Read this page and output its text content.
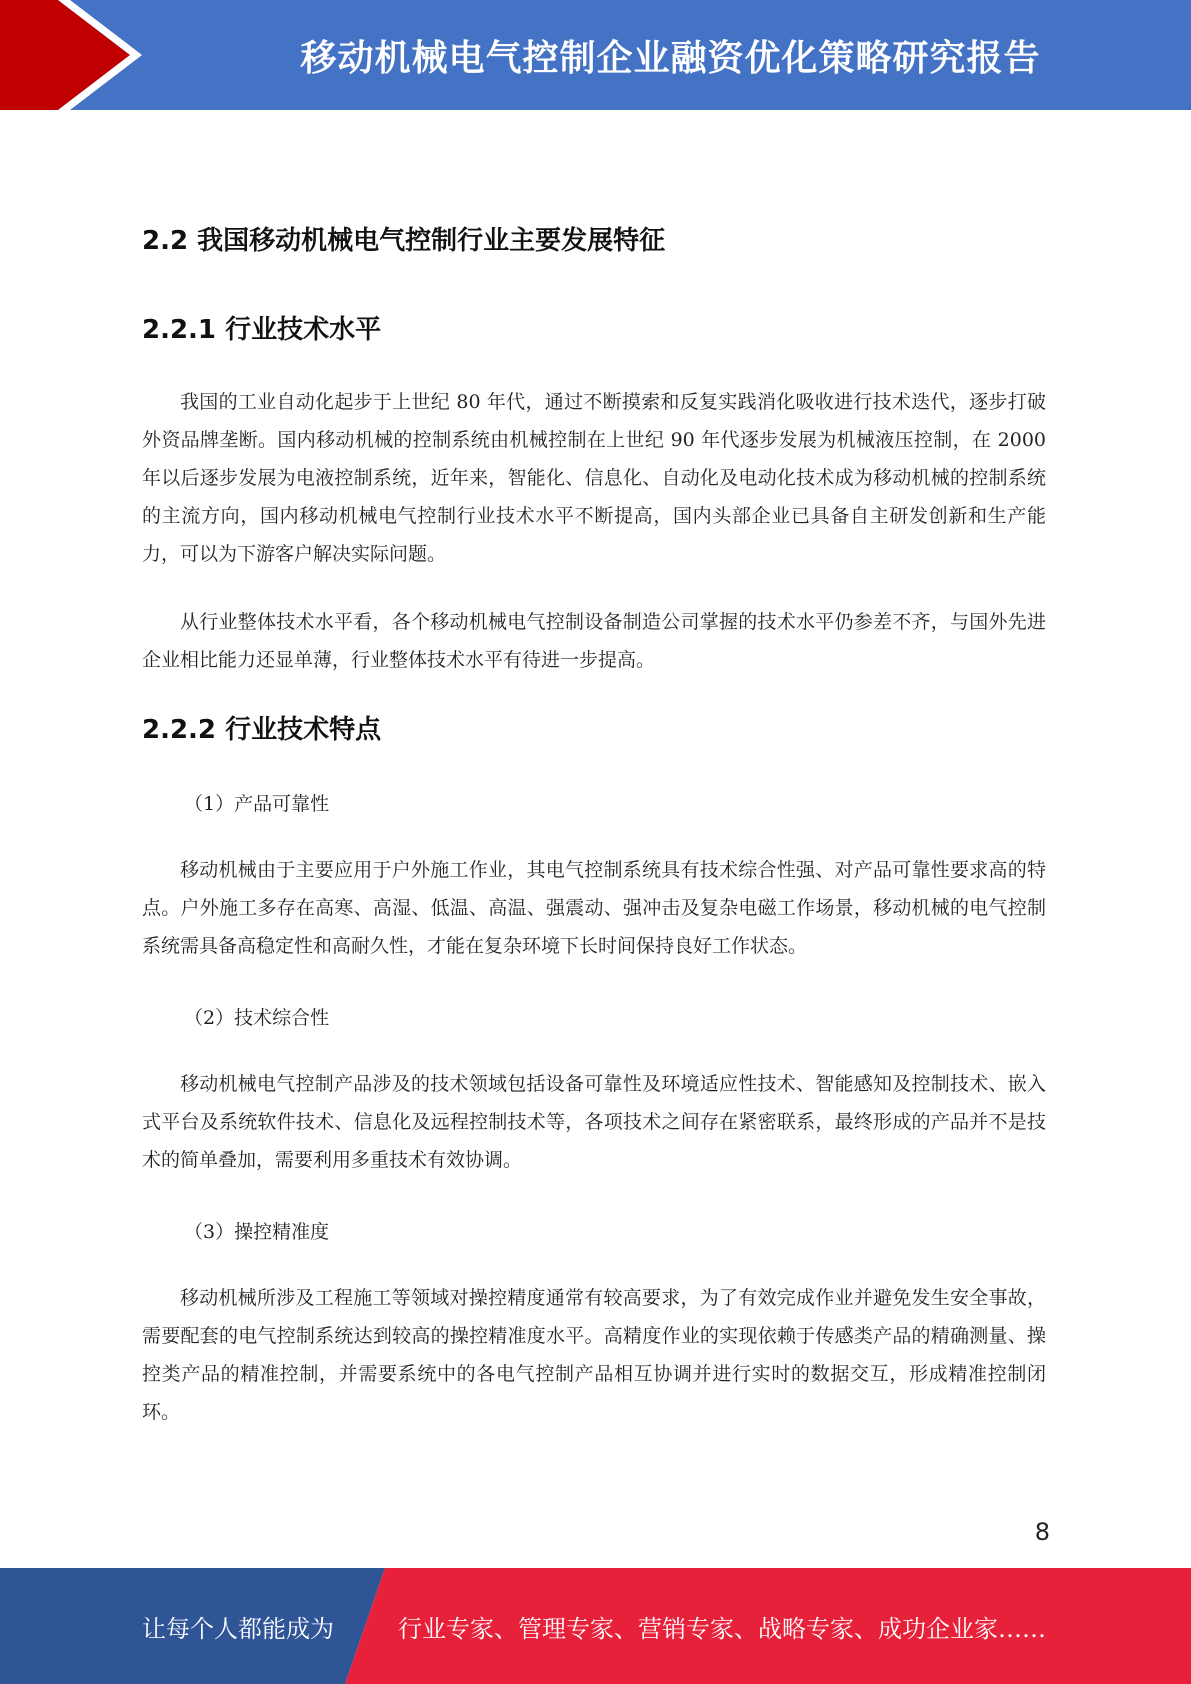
移动机械电气控制企业融资优化策略研究报告
2.2 我国移动机械电气控制行业主要发展特征
2.2.1 行业技术水平

我国的工业自动化起步于上世纪 80 年代，通过不断摸索和反复实践消化吸收进行技术迭代，逐步打破外资品牌垄断。国内移动机械的控制系统由机械控制在上世纪 90 年代逐步发展为机械液压控制，在 2000 年以后逐步发展为电液控制系统，近年来，智能化、信息化、自动化及电动化技术成为移动机械的控制系统的主流方向，国内移动机械电气控制行业技术水平不断提高，国内头部企业已具备自主研发创新和生产能力，可以为下游客户解决实际问题。

从行业整体技术水平看，各个移动机械电气控制设备制造公司掌握的技术水平仍参差不齐，与国外先进企业相比能力还显单薄，行业整体技术水平有待进一步提高。

2.2.2 行业技术特点
（1）产品可靠性

移动机械由于主要应用于户外施工作业，其电气控制系统具有技术综合性强、对产品可靠性要求高的特点。户外施工多存在高寒、高湿、低温、高温、强震动、强冲击及复杂电磁工作场景，移动机械的电气控制系统需具备高稳定性和高耐久性，才能在复杂环境下长时间保持良好工作状态。

（2）技术综合性

移动机械电气控制产品涉及的技术领域包括设备可靠性及环境适应性技术、智能感知及控制技术、嵌入式平台及系统软件技术、信息化及远程控制技术等，各项技术之间存在紧密联系，最终形成的产品并不是技术的简单叠加，需要利用多重技术有效协调。

（3）操控精准度

移动机械所涉及工程施工等领域对操控精度通常有较高要求，为了有效完成作业并避免发生安全事故，需要配套的电气控制系统达到较高的操控精准度水平。高精度作业的实现依赖于传感类产品的精确测量、操控类产品的精准控制，并需要系统中的各电气控制产品相互协调并进行实时的数据交互，形成精准控制闭环。

8
让每个人都能成为	行业专家、管理专家、营销专家、战略专家、成功企业家……
